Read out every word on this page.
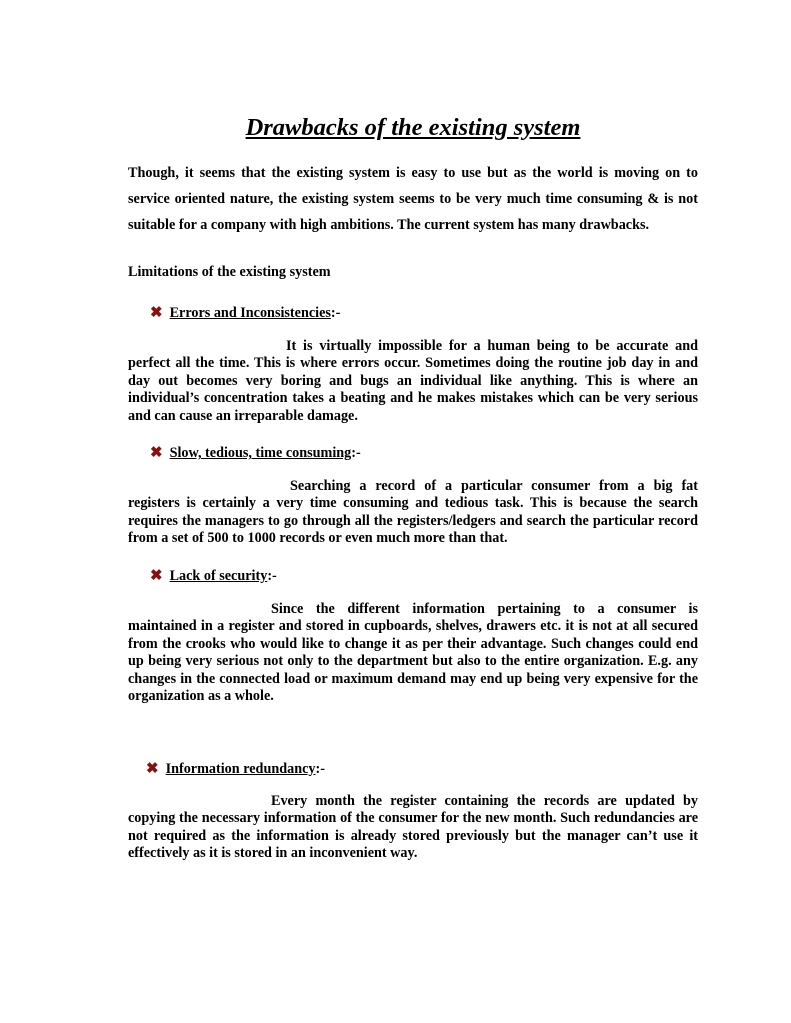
Drawbacks of the existing system
Though, it seems that the existing system is easy to use but as the world is moving on to service oriented nature, the existing system seems to be very much time consuming & is not suitable for a company with high ambitions. The current system has many drawbacks.
Limitations of the existing system
✖ Errors and Inconsistencies:-
It is virtually impossible for a human being to be accurate and perfect all the time. This is where errors occur. Sometimes doing the routine job day in and day out becomes very boring and bugs an individual like anything. This is where an individual’s concentration takes a beating and he makes mistakes which can be very serious and can cause an irreparable damage.
✖ Slow, tedious, time consuming:-
Searching a record of a particular consumer from a big fat registers is certainly a very time consuming and tedious task. This is because the search requires the managers to go through all the registers/ledgers and search the particular record from a set of 500 to 1000 records or even much more than that.
✖ Lack of security:-
Since the different information pertaining to a consumer is maintained in a register and stored in cupboards, shelves, drawers etc. it is not at all secured from the crooks who would like to change it as per their advantage. Such changes could end up being very serious not only to the department but also to the entire organization. E.g. any changes in the connected load or maximum demand may end up being very expensive for the organization as a whole.
✖ Information redundancy:-
Every month the register containing the records are updated by copying the necessary information of the consumer for the new month. Such redundancies are not required as the information is already stored previously but the manager can’t use it effectively as it is stored in an inconvenient way.
